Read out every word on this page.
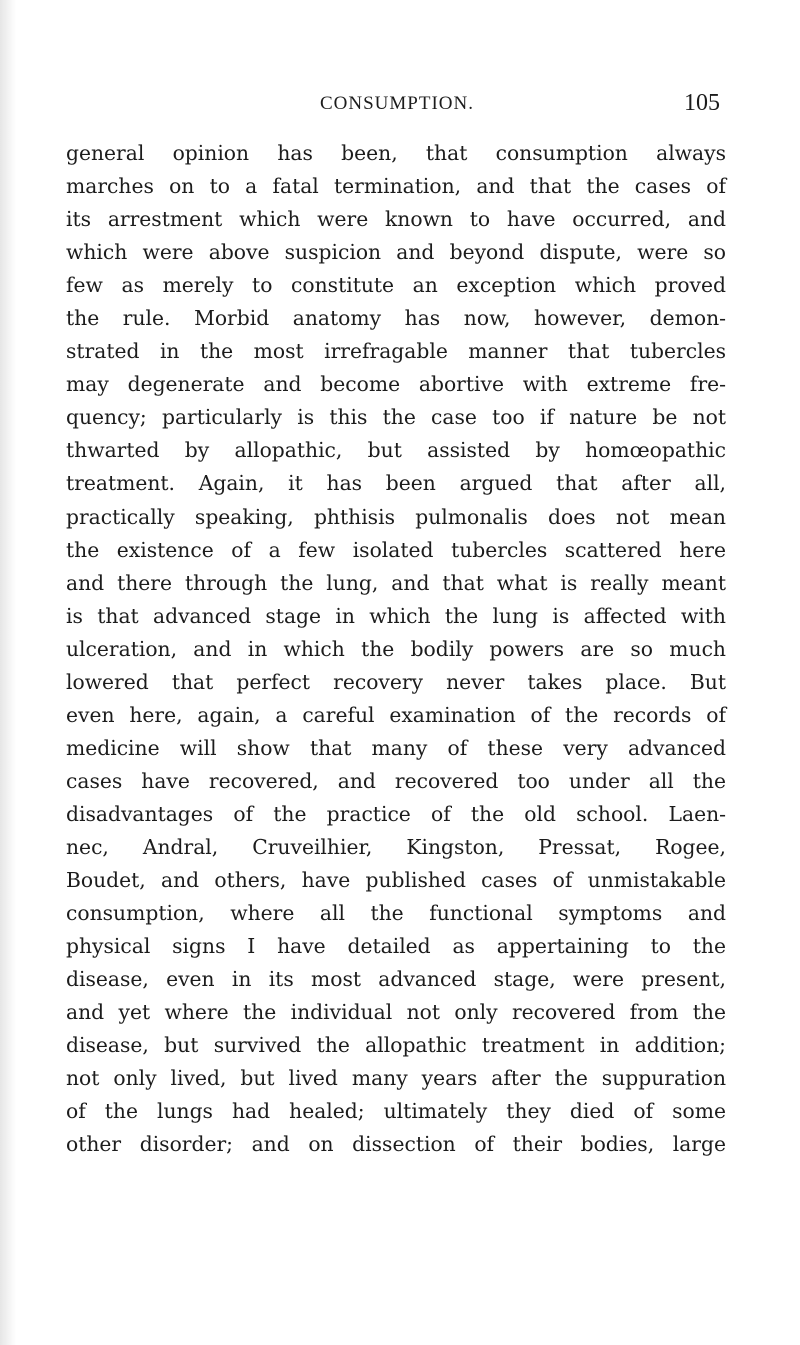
CONSUMPTION.	105
general opinion has been, that consumption always
marches on to a fatal termination, and that the cases of
its arrestment which were known to have occurred, and
which were above suspicion and beyond dispute, were so
few as merely to constitute an exception which proved
the rule. Morbid anatomy has now, however, demon-
strated in the most irrefragable manner that tubercles
may degenerate and become abortive with extreme fre-
quency; particularly is this the case too if nature be not
thwarted by allopathic, but assisted by homœopathic
treatment. Again, it has been argued that after all,
practically speaking, phthisis pulmonalis does not mean
the existence of a few isolated tubercles scattered here
and there through the lung, and that what is really meant
is that advanced stage in which the lung is affected with
ulceration, and in which the bodily powers are so much
lowered that perfect recovery never takes place. But
even here, again, a careful examination of the records of
medicine will show that many of these very advanced
cases have recovered, and recovered too under all the
disadvantages of the practice of the old school. Laen-
nec, Andral, Cruveilhier, Kingston, Pressat, Rogee,
Boudet, and others, have published cases of unmistakable
consumption, where all the functional symptoms and
physical signs I have detailed as appertaining to the
disease, even in its most advanced stage, were present,
and yet where the individual not only recovered from the
disease, but survived the allopathic treatment in addition;
not only lived, but lived many years after the suppuration
of the lungs had healed; ultimately they died of some
other disorder; and on dissection of their bodies, large
